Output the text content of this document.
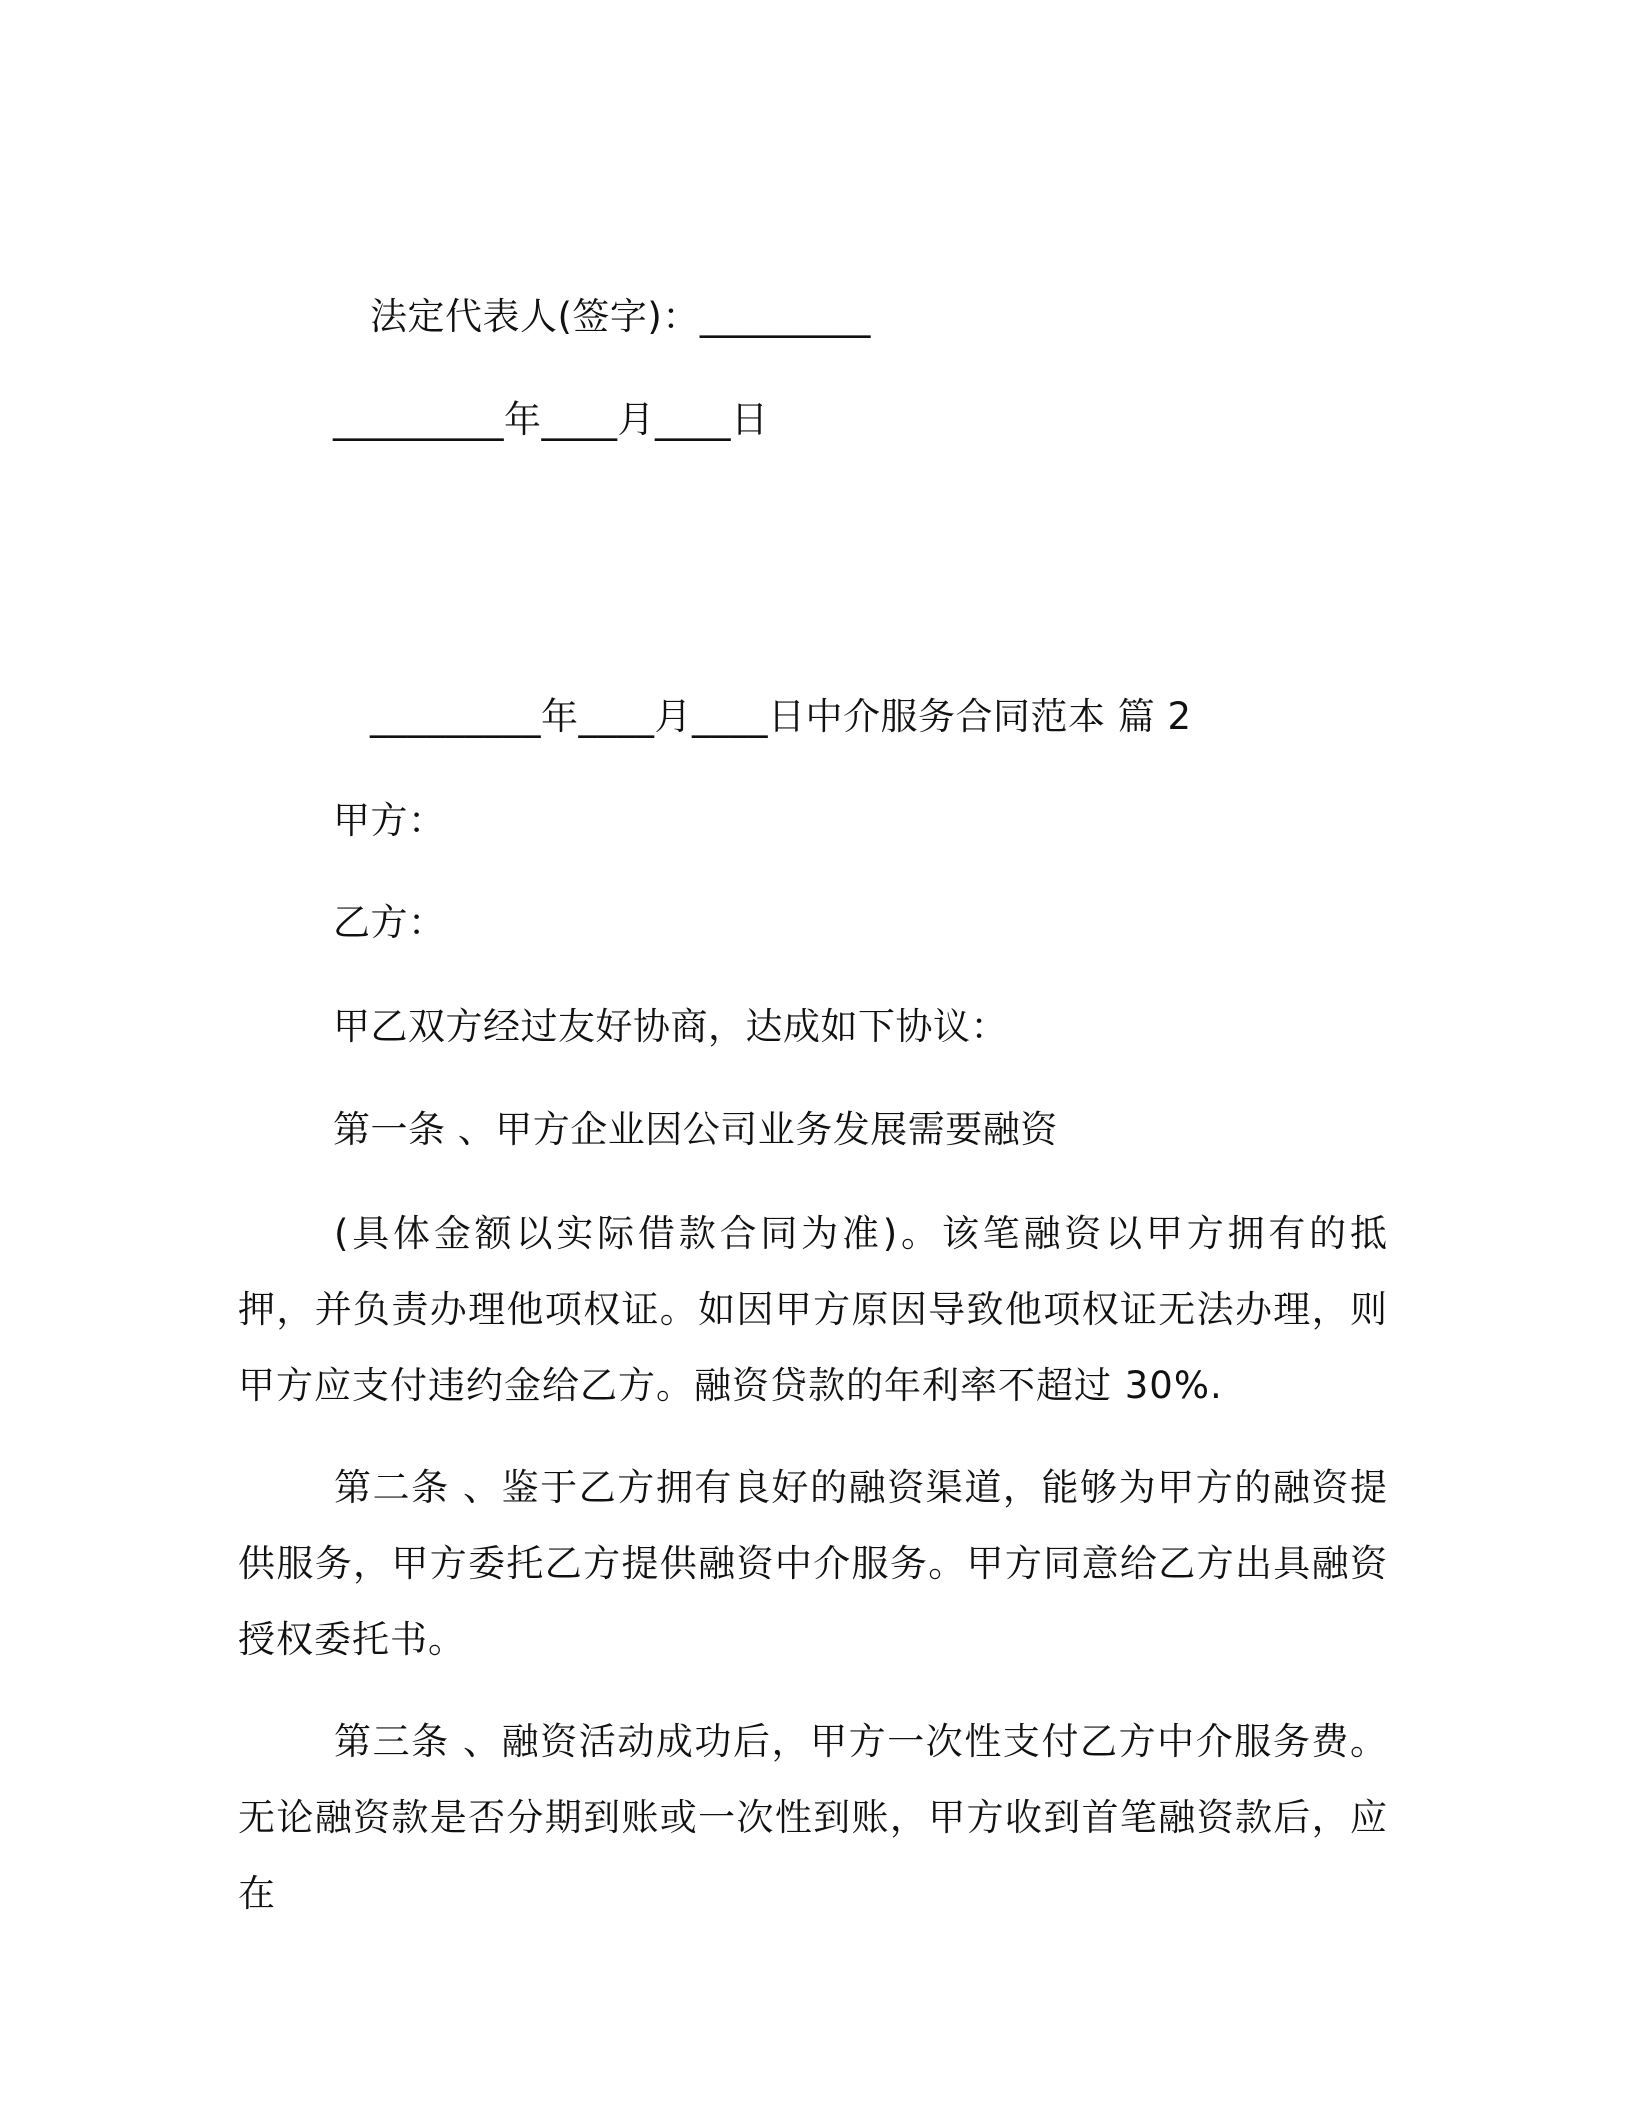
法定代表人(签字)：_________
_________年____月____日
_________年____月____日中介服务合同范本 篇 2
甲方：
乙方：
甲乙双方经过友好协商，达成如下协议：
第一条 、甲方企业因公司业务发展需要融资
(具体金额以实际借款合同为准)。该笔融资以甲方拥有的抵押，并负责办理他项权证。如因甲方原因导致他项权证无法办理，则甲方应支付违约金给乙方。融资贷款的年利率不超过 30%.
第二条 、鉴于乙方拥有良好的融资渠道，能够为甲方的融资提供服务，甲方委托乙方提供融资中介服务。甲方同意给乙方出具融资授权委托书。
第三条 、融资活动成功后，甲方一次性支付乙方中介服务费。无论融资款是否分期到账或一次性到账，甲方收到首笔融资款后，应在
